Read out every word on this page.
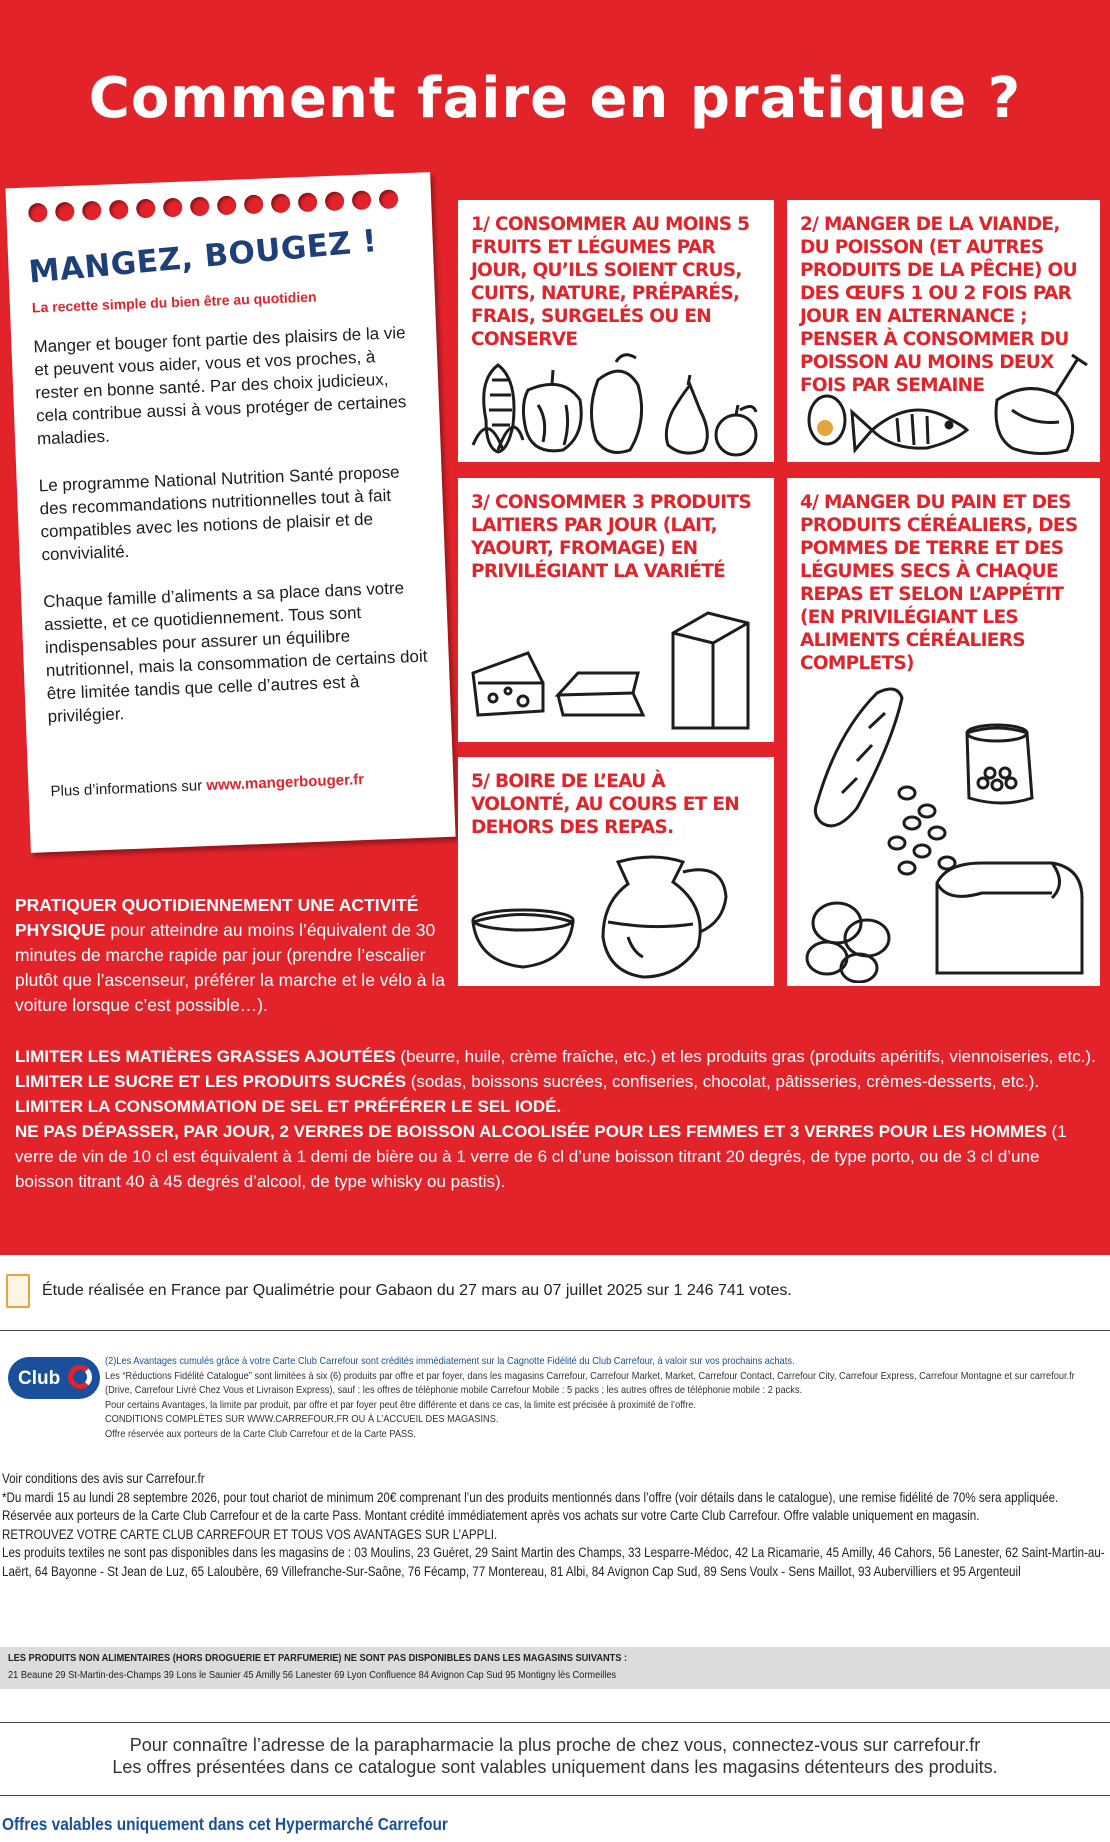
Comment faire en pratique ?
MANGEZ, BOUGEZ !
La recette simple du bien être au quotidien

Manger et bouger font partie des plaisirs de la vie et peuvent vous aider, vous et vos proches, à rester en bonne santé. Par des choix judicieux, cela contribue aussi à vous protéger de certaines maladies.

Le programme National Nutrition Santé propose des recommandations nutritionnelles tout à fait compatibles avec les notions de plaisir et de convivialité.

Chaque famille d’aliments a sa place dans votre assiette, et ce quotidiennement. Tous sont indispensables pour assurer un équilibre nutritionnel, mais la consommation de certains doit être limitée tandis que celle d’autres est à privilégier.

Plus d’informations sur www.mangerbouger.fr

1/ CONSOMMER AU MOINS 5 FRUITS ET LÉGUMES PAR JOUR, QU’ILS SOIENT CRUS, CUITS, NATURE, PRÉPARÉS, FRAIS, SURGELÉS OU EN CONSERVE
2/ MANGER DE LA VIANDE, DU POISSON (ET AUTRES PRODUITS DE LA PÊCHE) OU DES ŒUFS 1 OU 2 FOIS PAR JOUR EN ALTERNANCE ; PENSER À CONSOMMER DU POISSON AU MOINS DEUX FOIS PAR SEMAINE
3/ CONSOMMER 3 PRODUITS LAITIERS PAR JOUR (LAIT, YAOURT, FROMAGE) EN PRIVILÉGIANT LA VARIÉTÉ
4/ MANGER DU PAIN ET DES PRODUITS CÉRÉALIERS, DES POMMES DE TERRE ET DES LÉGUMES SECS À CHAQUE REPAS ET SELON L’APPÉTIT (EN PRIVILÉGIANT LES ALIMENTS CÉRÉALIERS COMPLETS)
5/ BOIRE DE L’EAU À VOLONTÉ, AU COURS ET EN DEHORS DES REPAS.

PRATIQUER QUOTIDIENNEMENT UNE ACTIVITÉ PHYSIQUE pour atteindre au moins l’équivalent de 30 minutes de marche rapide par jour (prendre l’escalier plutôt que l’ascenseur, préférer la marche et le vélo à la voiture lorsque c’est possible…).

LIMITER LES MATIÈRES GRASSES AJOUTÉES (beurre, huile, crème fraîche, etc.) et les produits gras (produits apéritifs, viennoiseries, etc.).

LIMITER LE SUCRE ET LES PRODUITS SUCRÉS (sodas, boissons sucrées, confiseries, chocolat, pâtisseries, crèmes-desserts, etc.).

LIMITER LA CONSOMMATION DE SEL ET PRÉFÉRER LE SEL IODÉ.

NE PAS DÉPASSER, PAR JOUR, 2 VERRES DE BOISSON ALCOOLISÉE POUR LES FEMMES ET 3 VERRES POUR LES HOMMES (1 verre de vin de 10 cl est équivalent à 1 demi de bière ou à 1 verre de 6 cl d’une boisson titrant 20 degrés, de type porto, ou de 3 cl d’une boisson titrant 40 à 45 degrés d’alcool, de type whisky ou pastis).

Étude réalisée en France par Qualimétrie pour Gabaon du 27 mars au 07 juillet 2025 sur 1 246 741 votes.
Club

(2)Les Avantages cumulés grâce à votre Carte Club Carrefour sont crédités immédiatement sur la Cagnotte Fidélité du Club Carrefour, à valoir sur vos prochains achats.

Les “Réductions Fidélité Catalogue” sont limitées à six (6) produits par offre et par foyer, dans les magasins Carrefour, Carrefour Market, Market, Carrefour Contact, Carrefour City, Carrefour Express, Carrefour Montagne et sur carrefour.fr (Drive, Carrefour Livré Chez Vous et Livraison Express), sauf : les offres de téléphonie mobile Carrefour Mobile : 5 packs ; les autres offres de téléphonie mobile : 2 packs.

Pour certains Avantages, la limite par produit, par offre et par foyer peut être différente et dans ce cas, la limite est précisée à proximité de l’offre.

CONDITIONS COMPLÈTES SUR WWW.CARREFOUR.FR OU À L’ACCUEIL DES MAGASINS.

Offre réservée aux porteurs de la Carte Club Carrefour et de la Carte PASS.

Voir conditions des avis sur Carrefour.fr

*Du mardi 15 au lundi 28 septembre 2026, pour tout chariot de minimum 20€ comprenant l’un des produits mentionnés dans l’offre (voir détails dans le catalogue), une remise fidélité de 70% sera appliquée. Réservée aux porteurs de la Carte Club Carrefour et de la carte Pass. Montant crédité immédiatement après vos achats sur votre Carte Club Carrefour. Offre valable uniquement en magasin.

RETROUVEZ VOTRE CARTE CLUB CARREFOUR ET TOUS VOS AVANTAGES SUR L’APPLI.

Les produits textiles ne sont pas disponibles dans les magasins de : 03 Moulins, 23 Guéret, 29 Saint Martin des Champs, 33 Lesparre-Médoc, 42 La Ricamarie, 45 Amilly, 46 Cahors, 56 Lanester, 62 Saint-Martin-au-Laërt, 64 Bayonne - St Jean de Luz, 65 Laloubère, 69 Villefranche-Sur-Saône, 76 Fécamp, 77 Montereau, 81 Albi, 84 Avignon Cap Sud, 89 Sens Voulx - Sens Maillot, 93 Aubervilliers et 95 Argenteuil

LES PRODUITS NON ALIMENTAIRES (HORS DROGUERIE ET PARFUMERIE) NE SONT PAS DISPONIBLES DANS LES MAGASINS SUIVANTS :
21 Beaune 29 St-Martin-des-Champs 39 Lons le Saunier 45 Amilly 56 Lanester 69 Lyon Confluence 84 Avignon Cap Sud 95 Montigny lès Cormeilles

Pour connaître l’adresse de la parapharmacie la plus proche de chez vous, connectez-vous sur carrefour.fr

Les offres présentées dans ce catalogue sont valables uniquement dans les magasins détenteurs des produits.

Offres valables uniquement dans cet Hypermarché Carrefour
